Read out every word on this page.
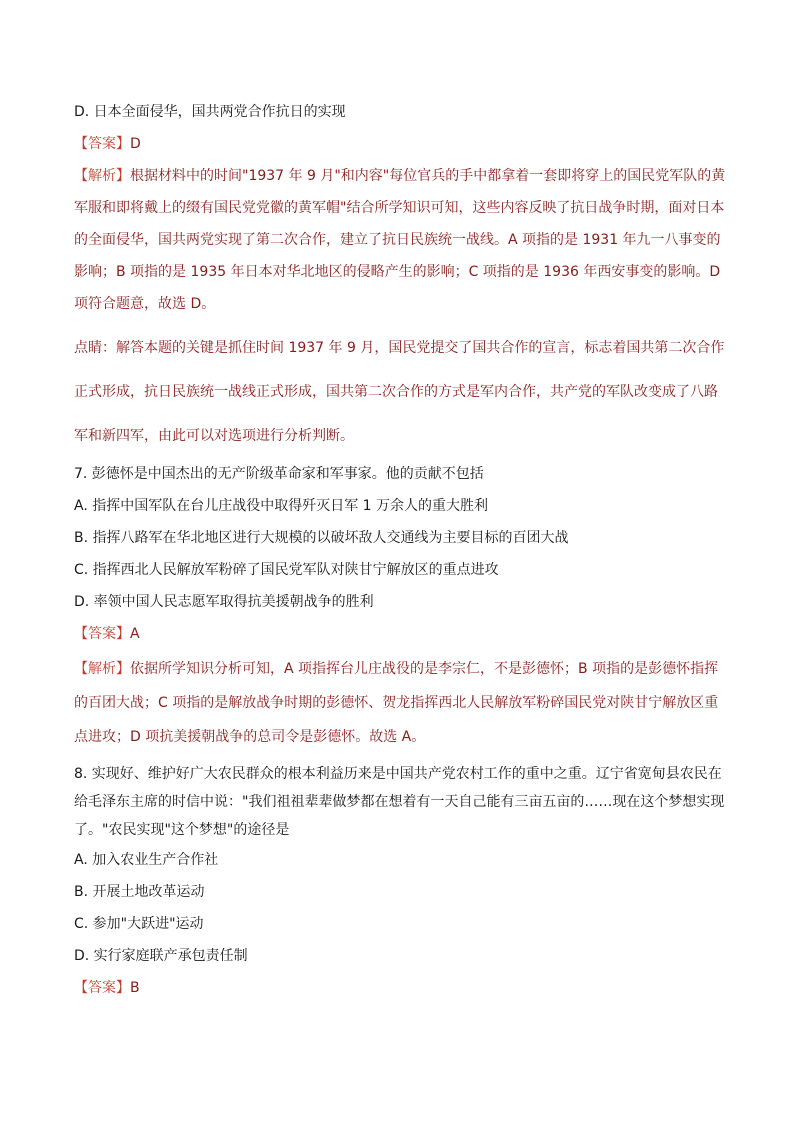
D. 日本全面侵华，国共两党合作抗日的实现
【答案】D
【解析】根据材料中的时间"1937 年 9 月"和内容"每位官兵的手中都拿着一套即将穿上的国民党军队的黄
军服和即将戴上的缀有国民党党徽的黄军帽"结合所学知识可知，这些内容反映了抗日战争时期，面对日本
的全面侵华，国共两党实现了第二次合作，建立了抗日民族统一战线。A 项指的是 1931 年九一八事变的
影响；B 项指的是 1935 年日本对华北地区的侵略产生的影响；C 项指的是 1936 年西安事变的影响。D
项符合题意，故选 D。
点睛：解答本题的关键是抓住时间 1937 年 9 月，国民党提交了国共合作的宣言，标志着国共第二次合作
正式形成，抗日民族统一战线正式形成，国共第二次合作的方式是军内合作，共产党的军队改变成了八路
军和新四军，由此可以对选项进行分析判断。
7. 彭德怀是中国杰出的无产阶级革命家和军事家。他的贡献不包括
A. 指挥中国军队在台儿庄战役中取得歼灭日军 1 万余人的重大胜利
B. 指挥八路军在华北地区进行大规模的以破坏敌人交通线为主要目标的百团大战
C. 指挥西北人民解放军粉碎了国民党军队对陕甘宁解放区的重点进攻
D. 率领中国人民志愿军取得抗美援朝战争的胜利
【答案】A
【解析】依据所学知识分析可知，A 项指挥台儿庄战役的是李宗仁，不是彭德怀；B 项指的是彭德怀指挥
的百团大战；C 项指的是解放战争时期的彭德怀、贺龙指挥西北人民解放军粉碎国民党对陕甘宁解放区重
点进攻；D 项抗美援朝战争的总司令是彭德怀。故选 A。
8. 实现好、维护好广大农民群众的根本利益历来是中国共产党农村工作的重中之重。辽宁省宽甸县农民在
给毛泽东主席的时信中说："我们祖祖辈辈做梦都在想着有一天自己能有三亩五亩的……现在这个梦想实现
了。"农民实现"这个梦想"的途径是
A. 加入农业生产合作社
B. 开展土地改革运动
C. 参加"大跃进"运动
D. 实行家庭联产承包责任制
【答案】B
